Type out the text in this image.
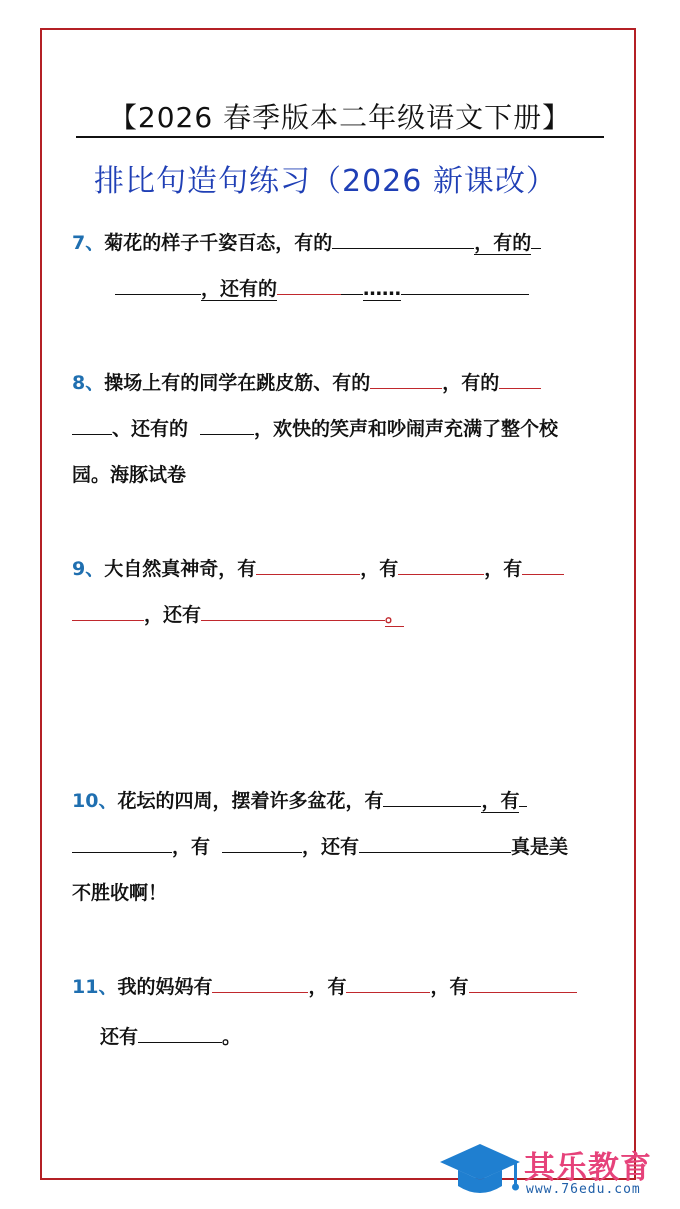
【2026 春季版本二年级语文下册】
排比句造句练习（2026 新课改）
7、菊花的样子千姿百态，有的	，有的
，还有的	……
8、操场上有的同学在跳皮筋、有的	，有的
、还有的	，欢快的笑声和吵闹声充满了整个校
园。海豚试卷
9、大自然真神奇，有	，有	，有
，还有	。
10、花坛的四周，摆着许多盆花，有	，有
，有	，还有	真是美
不胜收啊！
11、我的妈妈有	，有	，有
还有	。
其乐教育
www.76edu.com
